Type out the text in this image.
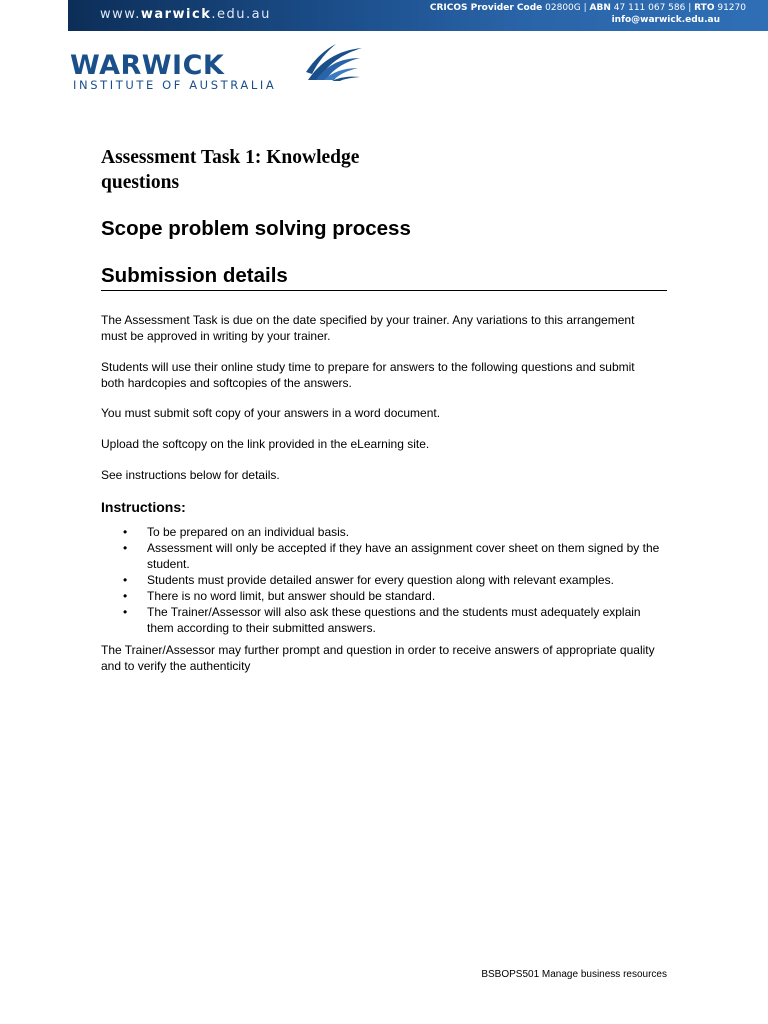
www.warwick.edu.au	CRICOS Provider Code 02800G | ABN 47 111 067 586 | RTO 91270
info@warwick.edu.au
WARWICK
INSTITUTE OF AUSTRALIA
Assessment Task 1: Knowledge questions
Scope problem solving process
Submission details

The Assessment Task is due on the date specified by your trainer. Any variations to this arrangement must be approved in writing by your trainer.

Students will use their online study time to prepare for answers to the following questions and submit both hardcopies and softcopies of the answers.

You must submit soft copy of your answers in a word document.

Upload the softcopy on the link provided in the eLearning site.

See instructions below for details.

Instructions:
• To be prepared on an individual basis.
• Assessment will only be accepted if they have an assignment cover sheet on them signed by the student.
• Students must provide detailed answer for every question along with relevant examples.
• There is no word limit, but answer should be standard.
• The Trainer/Assessor will also ask these questions and the students must adequately explain them according to their submitted answers.

The Trainer/Assessor may further prompt and question in order to receive answers of appropriate quality and to verify the authenticity

BSBOPS501 Manage business resources
